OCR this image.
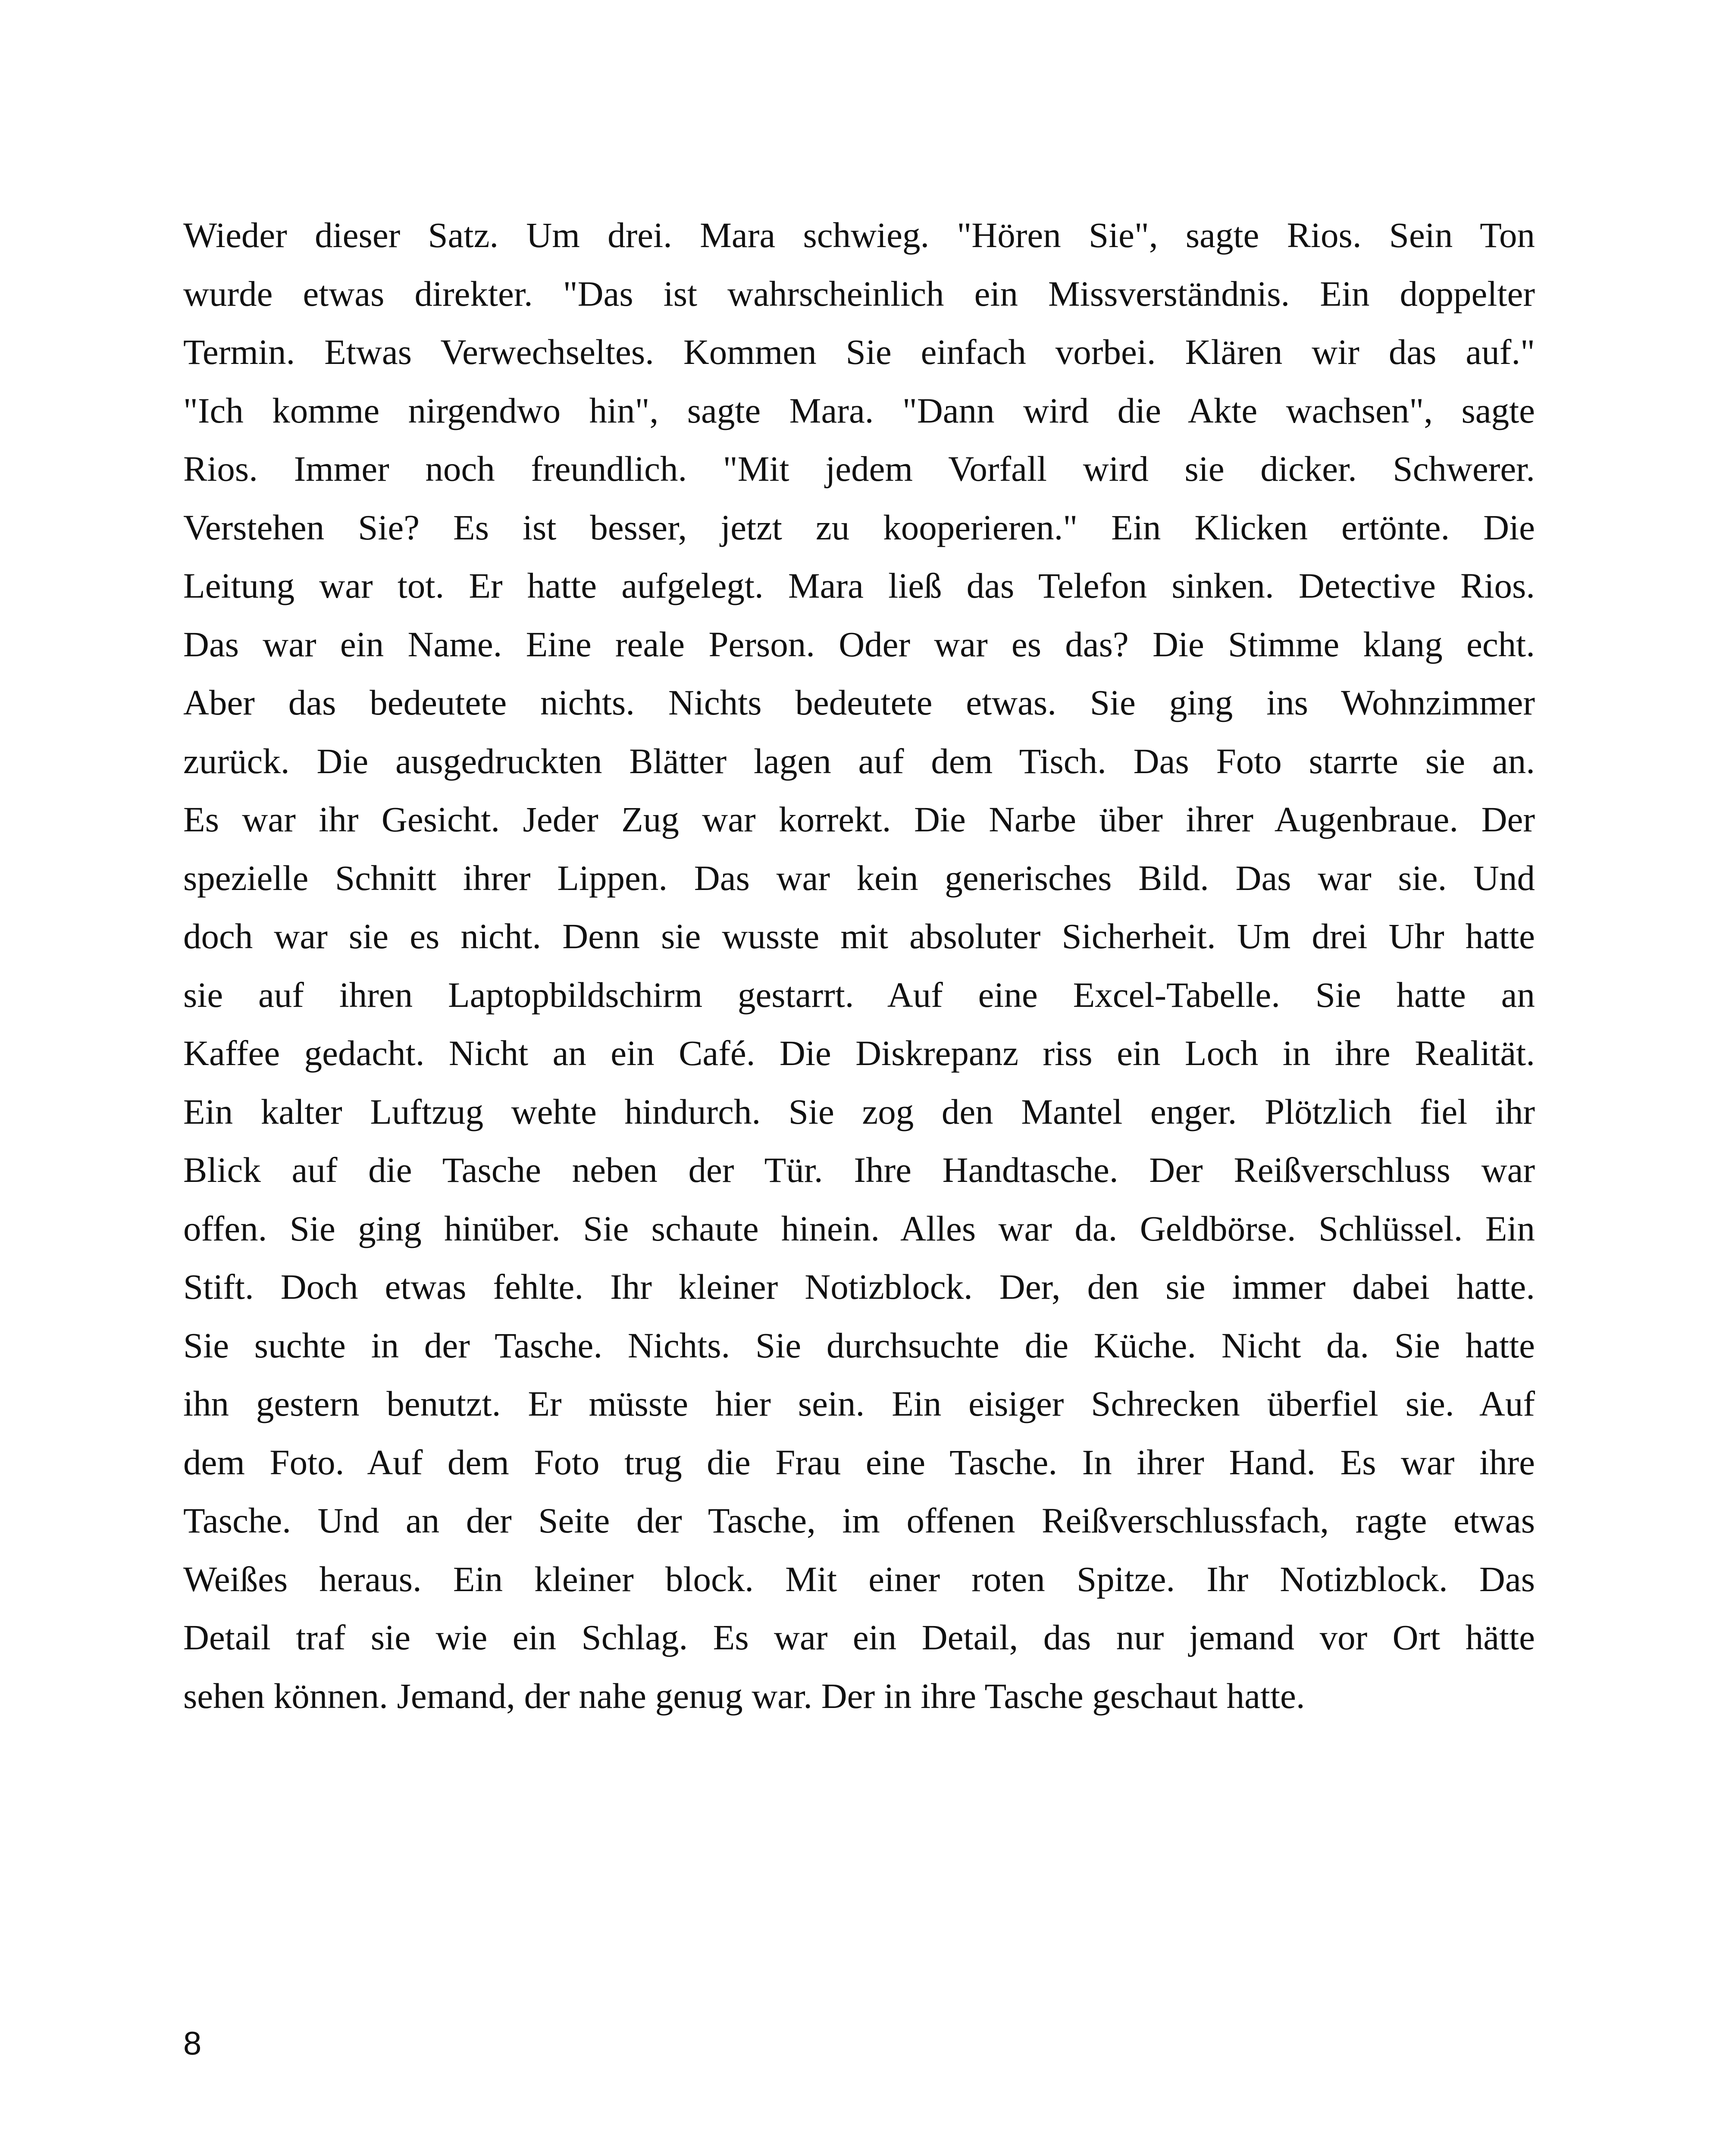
Wieder dieser Satz. Um drei. Mara schwieg. "Hören Sie", sagte Rios. Sein Ton
wurde etwas direkter. "Das ist wahrscheinlich ein Missverständnis. Ein doppelter
Termin. Etwas Verwechseltes. Kommen Sie einfach vorbei. Klären wir das auf."
"Ich komme nirgendwo hin", sagte Mara. "Dann wird die Akte wachsen", sagte
Rios. Immer noch freundlich. "Mit jedem Vorfall wird sie dicker. Schwerer.
Verstehen Sie? Es ist besser, jetzt zu kooperieren." Ein Klicken ertönte. Die
Leitung war tot. Er hatte aufgelegt. Mara ließ das Telefon sinken. Detective Rios.
Das war ein Name. Eine reale Person. Oder war es das? Die Stimme klang echt.
Aber das bedeutete nichts. Nichts bedeutete etwas. Sie ging ins Wohnzimmer
zurück. Die ausgedruckten Blätter lagen auf dem Tisch. Das Foto starrte sie an.
Es war ihr Gesicht. Jeder Zug war korrekt. Die Narbe über ihrer Augenbraue. Der
spezielle Schnitt ihrer Lippen. Das war kein generisches Bild. Das war sie. Und
doch war sie es nicht. Denn sie wusste mit absoluter Sicherheit. Um drei Uhr hatte
sie auf ihren Laptopbildschirm gestarrt. Auf eine Excel-Tabelle. Sie hatte an
Kaffee gedacht. Nicht an ein Café. Die Diskrepanz riss ein Loch in ihre Realität.
Ein kalter Luftzug wehte hindurch. Sie zog den Mantel enger. Plötzlich fiel ihr
Blick auf die Tasche neben der Tür. Ihre Handtasche. Der Reißverschluss war
offen. Sie ging hinüber. Sie schaute hinein. Alles war da. Geldbörse. Schlüssel. Ein
Stift. Doch etwas fehlte. Ihr kleiner Notizblock. Der, den sie immer dabei hatte.
Sie suchte in der Tasche. Nichts. Sie durchsuchte die Küche. Nicht da. Sie hatte
ihn gestern benutzt. Er müsste hier sein. Ein eisiger Schrecken überfiel sie. Auf
dem Foto. Auf dem Foto trug die Frau eine Tasche. In ihrer Hand. Es war ihre
Tasche. Und an der Seite der Tasche, im offenen Reißverschlussfach, ragte etwas
Weißes heraus. Ein kleiner block. Mit einer roten Spitze. Ihr Notizblock. Das
Detail traf sie wie ein Schlag. Es war ein Detail, das nur jemand vor Ort hätte
sehen können. Jemand, der nahe genug war. Der in ihre Tasche geschaut hatte.
8
